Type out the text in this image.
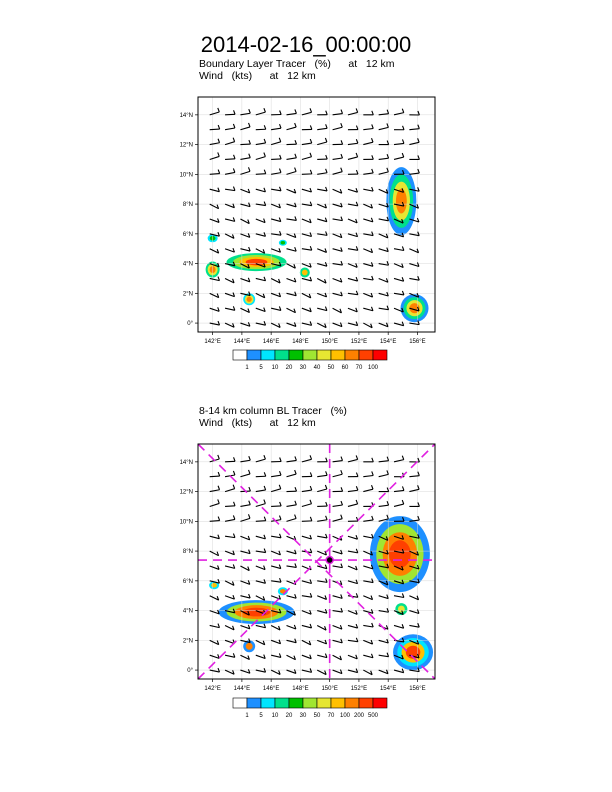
2014-02-16_00:00:00
Boundary Layer Tracer   (%)      at   12 km
Wind   (kts)      at   12 km
0°
2°N
4°N
6°N
8°N
10°N
12°N
14°N
142°E 144°E 146°E 148°E 150°E 152°E 154°E 156°E
1 5 10 20 30 40 50 60 70 100
8-14 km column BL Tracer   (%)
Wind   (kts)      at   12 km
0°
2°N
4°N
6°N
8°N
10°N
12°N
14°N
142°E 144°E 146°E 148°E 150°E 152°E 154°E 156°E
1 5 10 20 30 50 70 100 200 500
